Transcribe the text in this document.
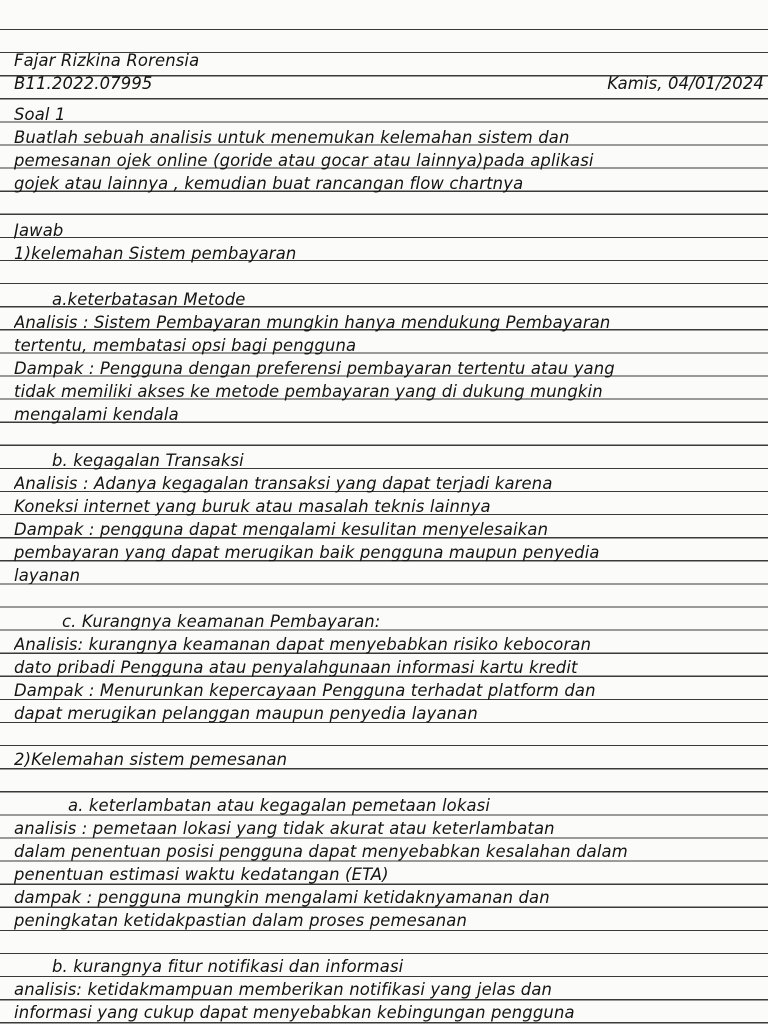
Fajar Rizkina Rorensia
B11.2022.07995	Kamis, 04/01/2024
Soal 1
Buatlah sebuah analisis untuk menemukan kelemahan sistem dan
pemesanan ojek online (goride atau gocar atau lainnya)pada aplikasi
gojek atau lainnya , kemudian buat rancangan flow chartnya
Jawab
1)kelemahan Sistem pembayaran
a.keterbatasan Metode
Analisis : Sistem Pembayaran mungkin hanya mendukung Pembayaran
tertentu, membatasi opsi bagi pengguna
Dampak : Pengguna dengan preferensi pembayaran tertentu atau yang
tidak memiliki akses ke metode pembayaran yang di dukung mungkin
mengalami kendala
b. kegagalan Transaksi
Analisis : Adanya kegagalan transaksi yang dapat terjadi karena
Koneksi internet yang buruk atau masalah teknis lainnya
Dampak : pengguna dapat mengalami kesulitan menyelesaikan
pembayaran yang dapat merugikan baik pengguna maupun penyedia
layanan
c. Kurangnya keamanan Pembayaran:
Analisis: kurangnya keamanan dapat menyebabkan risiko kebocoran
dato pribadi Pengguna atau penyalahgunaan informasi kartu kredit
Dampak : Menurunkan kepercayaan Pengguna terhadat platform dan
dapat merugikan pelanggan maupun penyedia layanan
2)Kelemahan sistem pemesanan
a. keterlambatan atau kegagalan pemetaan lokasi
analisis : pemetaan lokasi yang tidak akurat atau keterlambatan
dalam penentuan posisi pengguna dapat menyebabkan kesalahan dalam
penentuan estimasi waktu kedatangan (ETA)
dampak : pengguna mungkin mengalami ketidaknyamanan dan
peningkatan ketidakpastian dalam proses pemesanan
b. kurangnya fitur notifikasi dan informasi
analisis: ketidakmampuan memberikan notifikasi yang jelas dan
informasi yang cukup dapat menyebabkan kebingungan pengguna
